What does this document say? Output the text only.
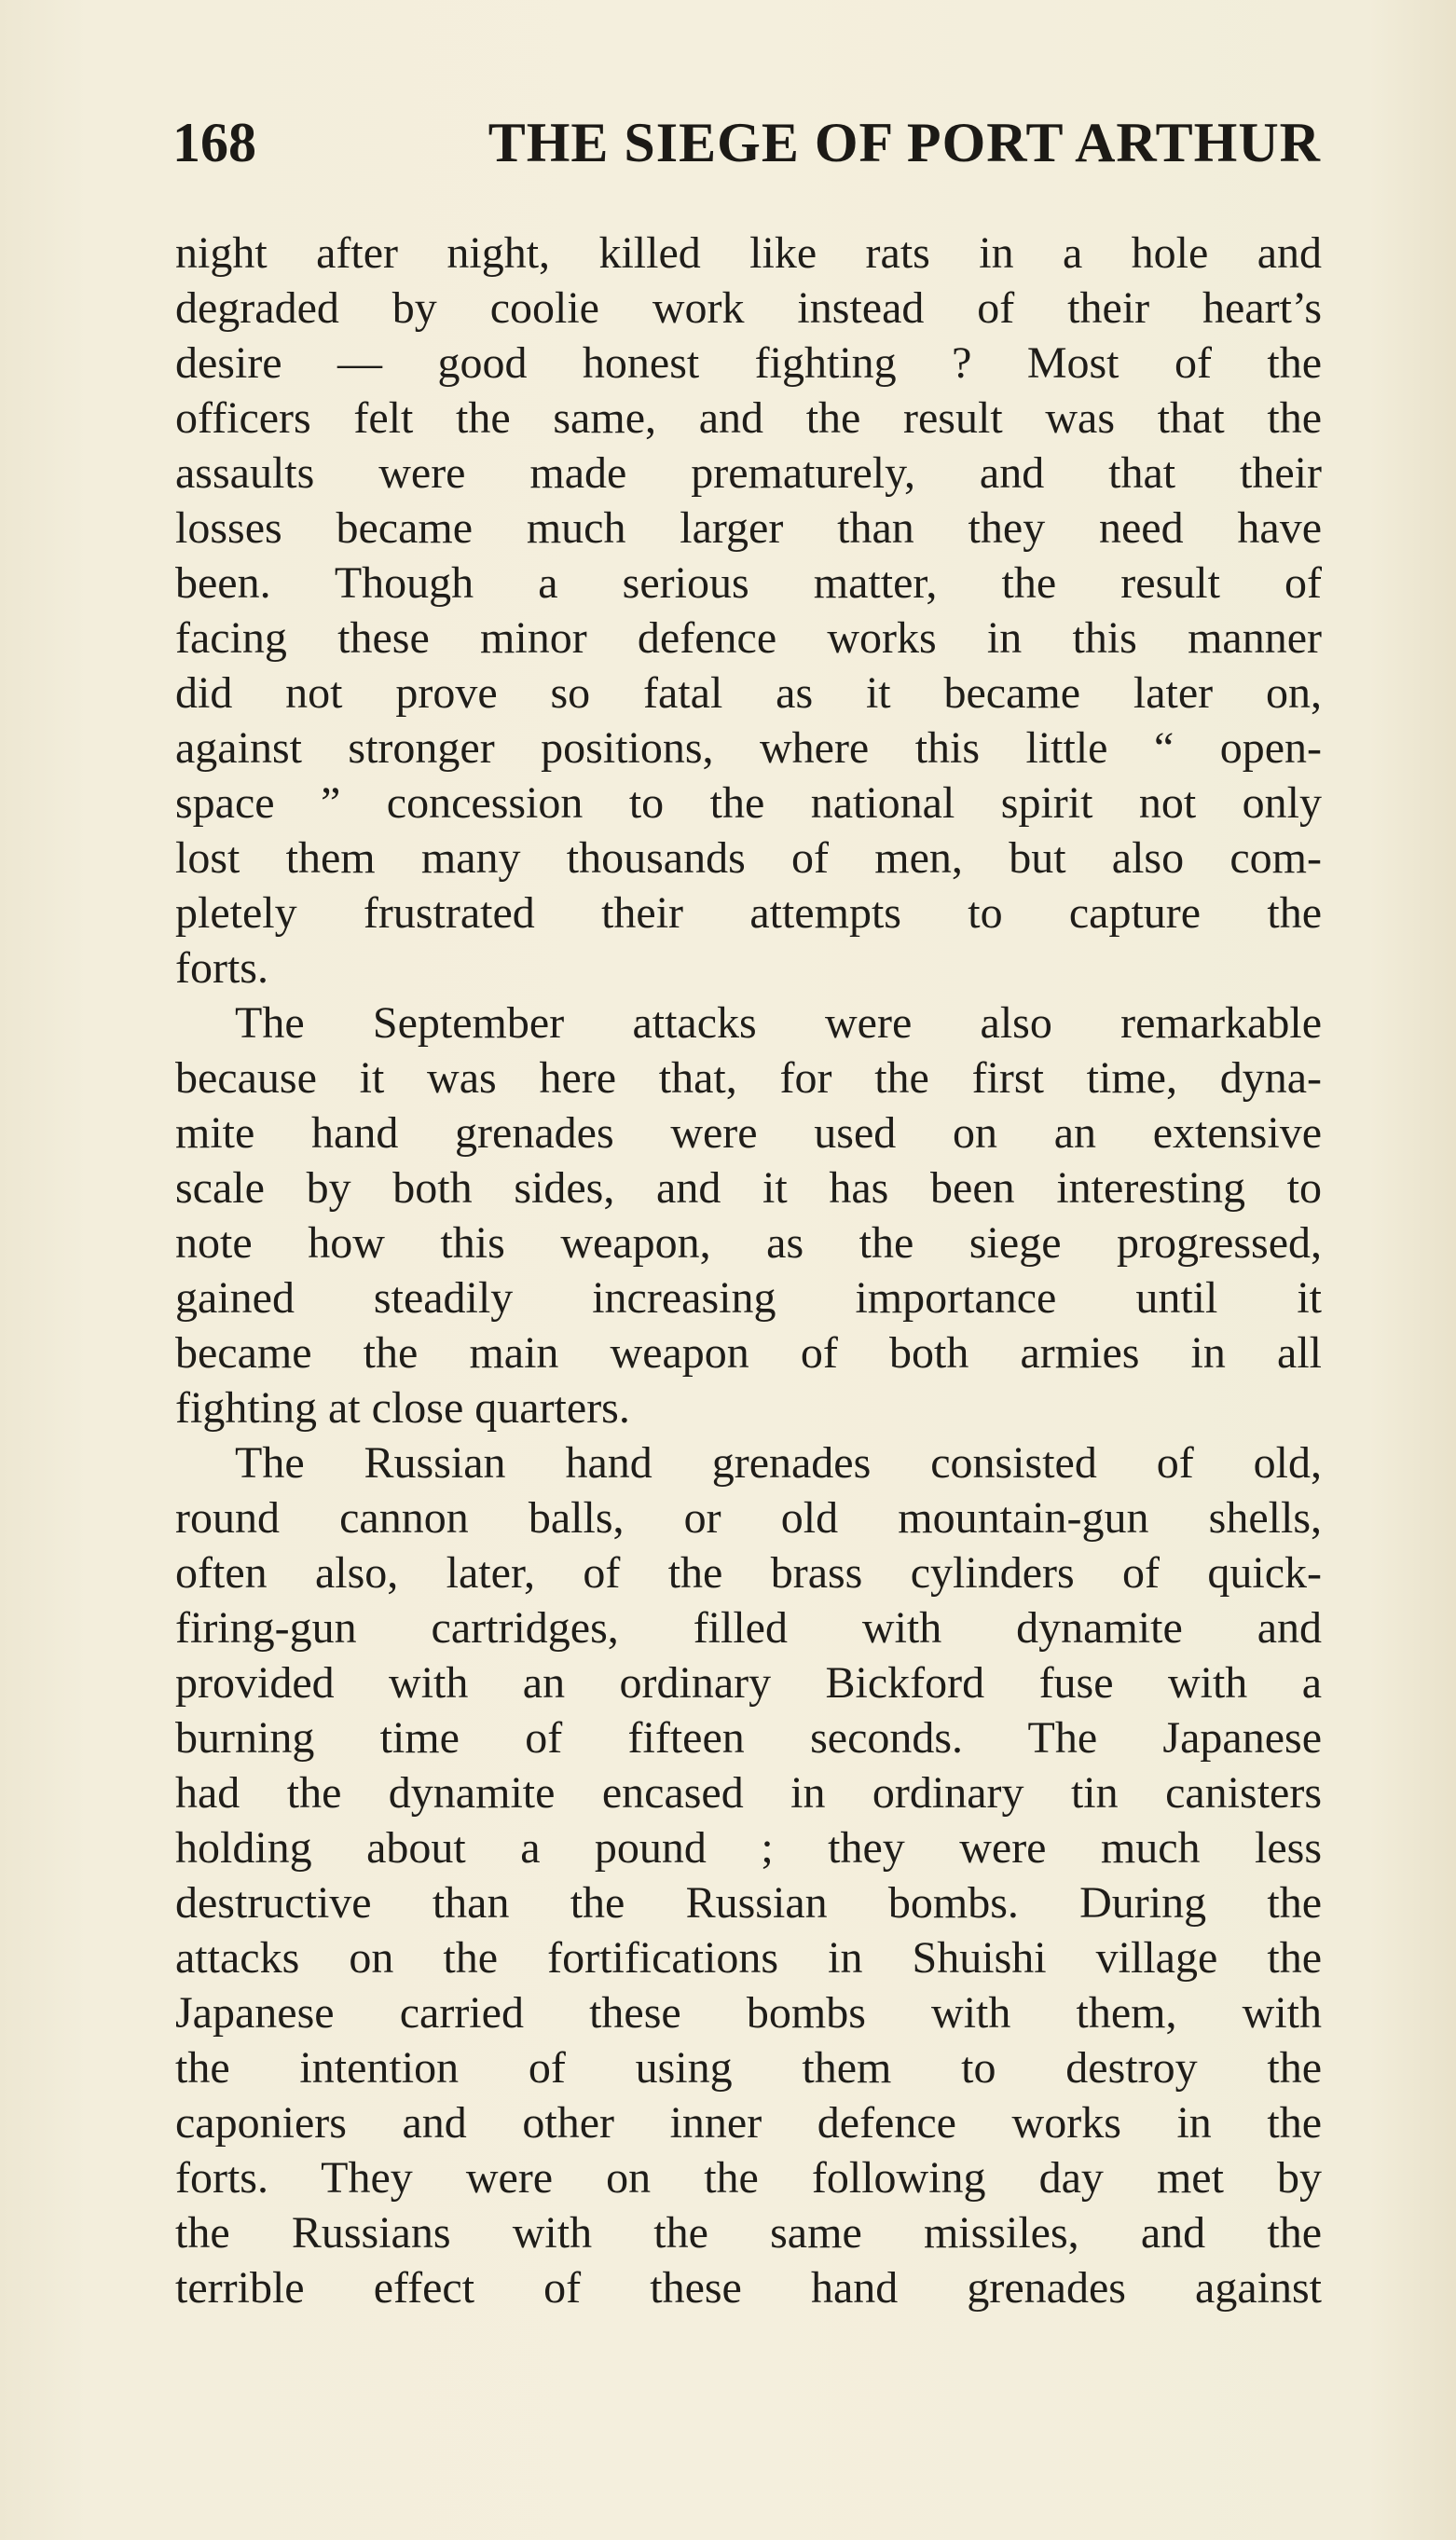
168	THE SIEGE OF PORT ARTHUR
night after night, killed like rats in a hole and
degraded by coolie work instead of their heart’s
desire — good honest fighting ? Most of the
officers felt the same, and the result was that the
assaults were made prematurely, and that their
losses became much larger than they need have
been. Though a serious matter, the result of
facing these minor defence works in this manner
did not prove so fatal as it became later on,
against stronger positions, where this little “ open-
space ” concession to the national spirit not only
lost them many thousands of men, but also com-
pletely frustrated their attempts to capture the
forts.
The September attacks were also remarkable
because it was here that, for the first time, dyna-
mite hand grenades were used on an extensive
scale by both sides, and it has been interesting to
note how this weapon, as the siege progressed,
gained steadily increasing importance until it
became the main weapon of both armies in all
fighting at close quarters.
The Russian hand grenades consisted of old,
round cannon balls, or old mountain-gun shells,
often also, later, of the brass cylinders of quick-
firing-gun cartridges, filled with dynamite and
provided with an ordinary Bickford fuse with a
burning time of fifteen seconds. The Japanese
had the dynamite encased in ordinary tin canisters
holding about a pound ; they were much less
destructive than the Russian bombs. During the
attacks on the fortifications in Shuishi village the
Japanese carried these bombs with them, with
the intention of using them to destroy the
caponiers and other inner defence works in the
forts. They were on the following day met by
the Russians with the same missiles, and the
terrible effect of these hand grenades against
